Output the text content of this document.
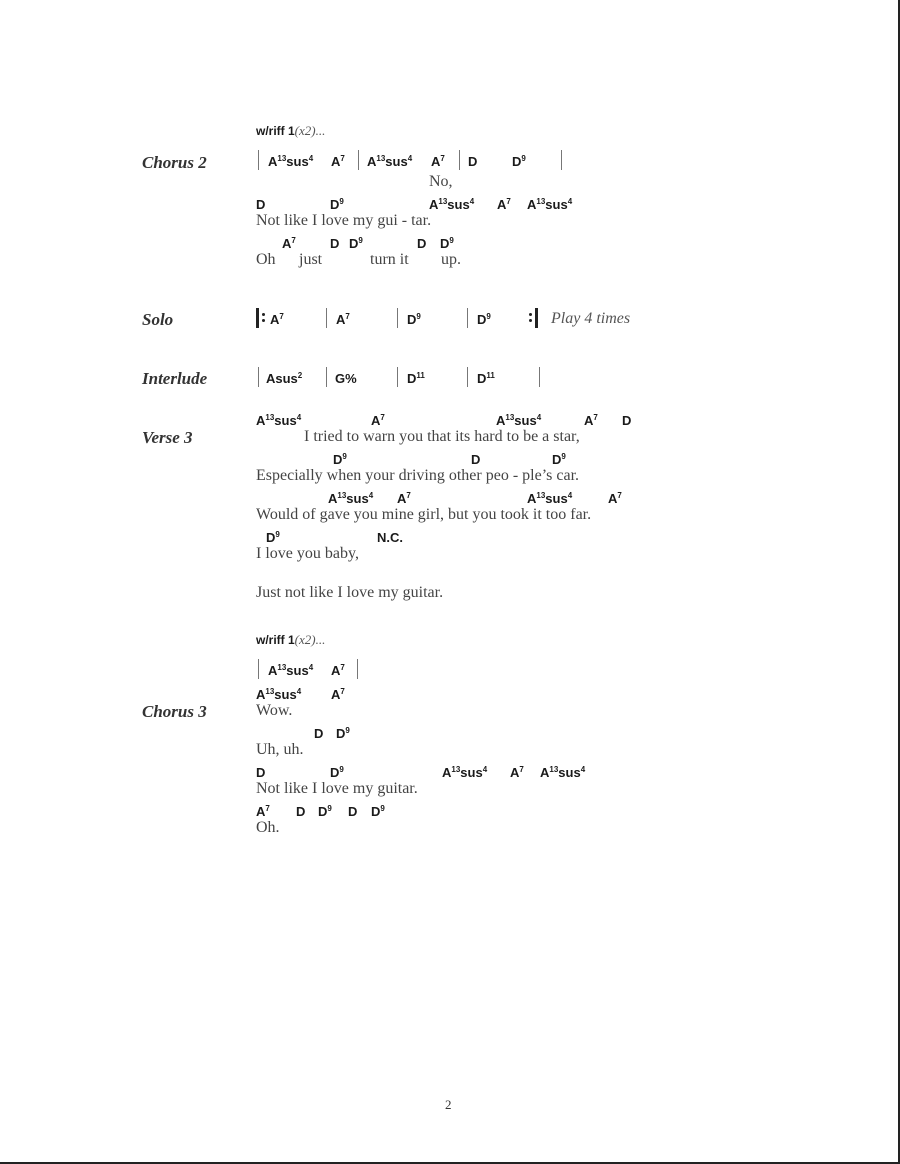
w/riff 1(x2)...
Chorus 2	$A^{13}sus^4$ $A^7$ $A^{13}sus^4$ $A^7$ D	$D^9$
No,
D	$D^9$	$A^{13}sus^4$ $A^7$ $A^{13}sus^4$
Not like I love my gui - tar.
$A^7$	D $D^9$	D $D^9$
Oh just	turn it up.
Solo	$A^7$	$A^7$	$D^9$	$D^9$	Play 4 times
Interlude	Asus$^2$	G%	$D^{11}$	$D^{11}$
$A^{13}sus^4$	$A^7$	$A^{13}sus^4$	$A^7$ D
Verse 3	I tried to warn you that its hard to be a star,
$D^9$	D	$D^9$
Especially when your driving other peo - ple’s car.
$A^{13}sus^4$ $A^7$	$A^{13}sus^4$	$A^7$
Would of gave you mine girl, but you took it too far.
$D^9$	N.C.
I love you baby,
Just not like I love my guitar.
w/riff 1(x2)...
$A^{13}sus^4$ $A^7$
$A^{13}sus^4$ $A^7$
Chorus 3	Wow.
D $D^9$
Uh, uh.
D	$D^9$	$A^{13}sus^4$ $A^7$ $A^{13}sus^4$
Not like I love my guitar.
$A^7$ D $D^9$ D $D^9$
Oh.
2
